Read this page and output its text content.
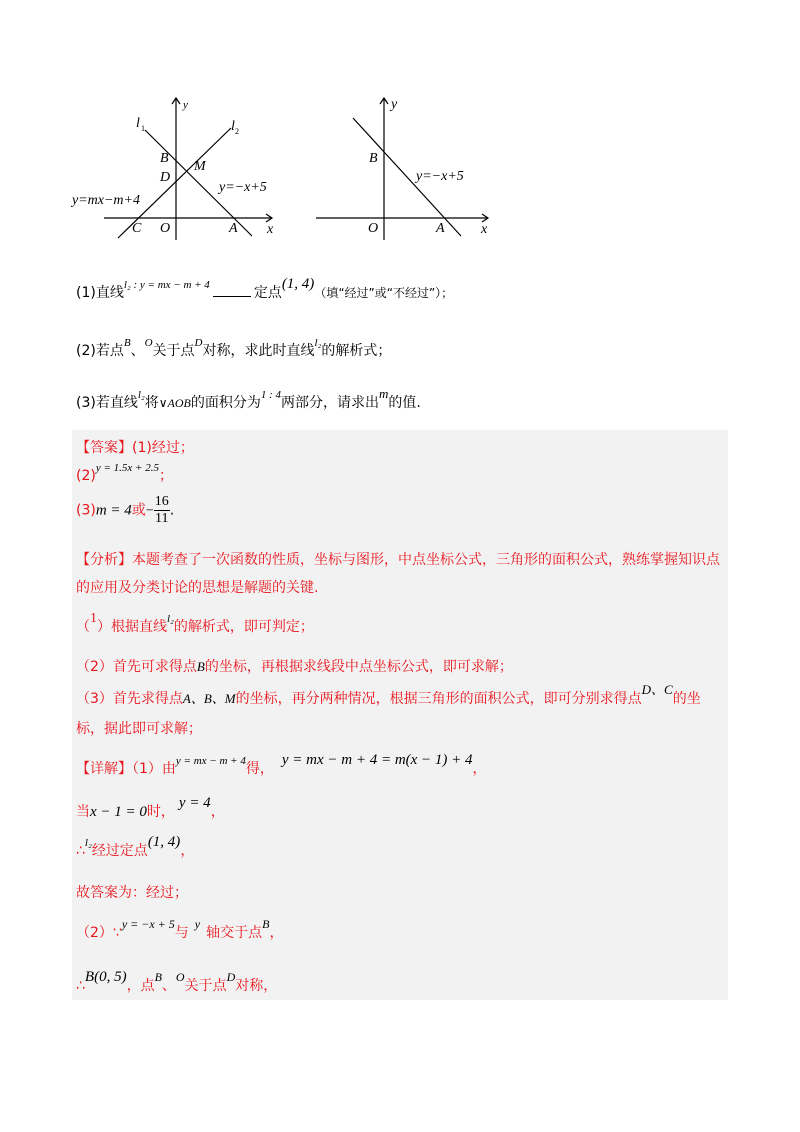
y
x
l 1	l 2
B
D
M
y=mx−m+4
y=−x+5
C O	A
y
x
B
y=−x+5
O	A
(1)直线$^{l_2 : y = mx - m + 4}$	定点(1, 4)（填“经过”或“不经过”）；
(2)若点$^B$、$^O$关于点$^D$对称，求此时直线$^{l_2}$的解析式；
(3)若直线$^{l_2}$将∨AOB的面积分为$^{1 : 4}$两部分，请求出m的值.
【答案】(1)经过；
$(2)^{y = 1.5x + 2.5}$；
(3)m = 4或− $\frac{16}{11}$ .
【分析】本题考查了一次函数的性质，坐标与图形，中点坐标公式，三角形的面积公式，熟练掌握知识点
的应用及分类讨论的思想是解题的关键.
（1）根据直线$^{l_2}$的解析式，即可判定；
（2）首先可求得点B的坐标，再根据求线段中点坐标公式，即可求解；
（3）首先求得点A、B、M的坐标，再分两种情况，根据三角形的面积公式，即可分别求得点D、C的坐
标，据此即可求解；
【详解】（1）由$^{y = mx - m + 4}$得，y = mx − m + 4 = m(x − 1) + 4，
当x − 1 = 0时，y = 4，
∴$^{l_2}$经过定点(1, 4)，
故答案为：经过；
（2）∵y = −x + 5与y轴交于点B，
∴B(0, 5)，点B、O关于点D对称，
